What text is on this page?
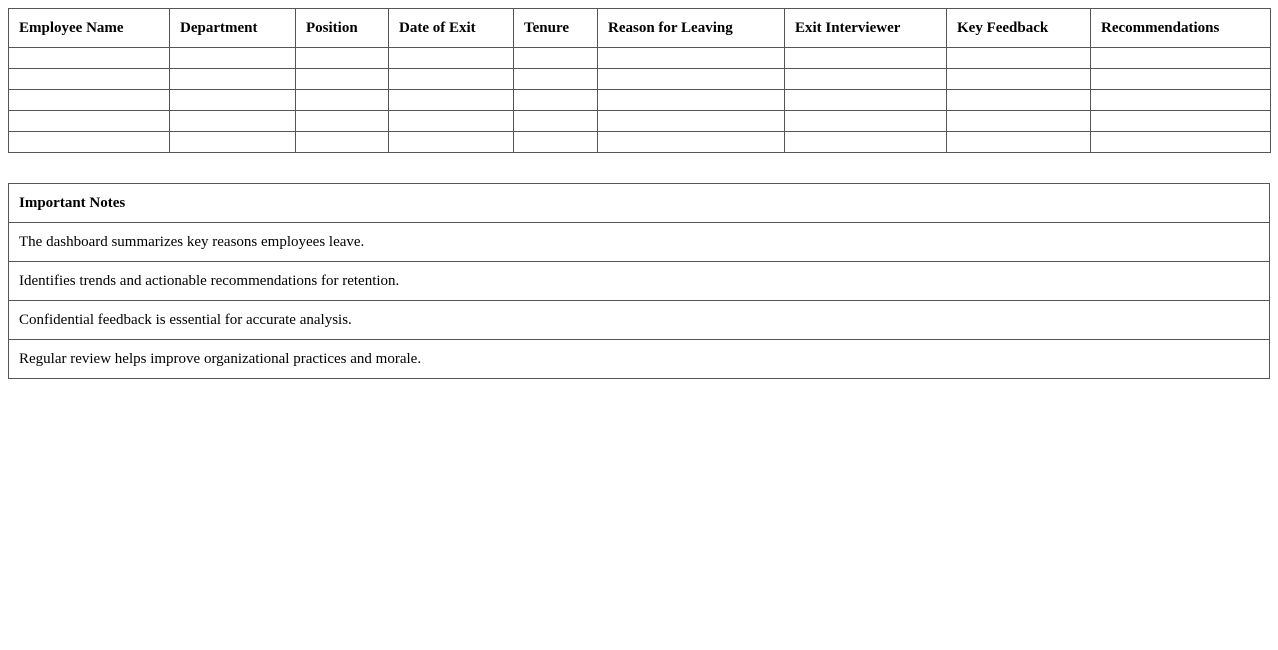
Employee Name	Department	Position	Date of Exit	Tenure	Reason for Leaving	Exit Interviewer	Key Feedback	Recommendations

Important Notes
The dashboard summarizes key reasons employees leave.
Identifies trends and actionable recommendations for retention.
Confidential feedback is essential for accurate analysis.
Regular review helps improve organizational practices and morale.
